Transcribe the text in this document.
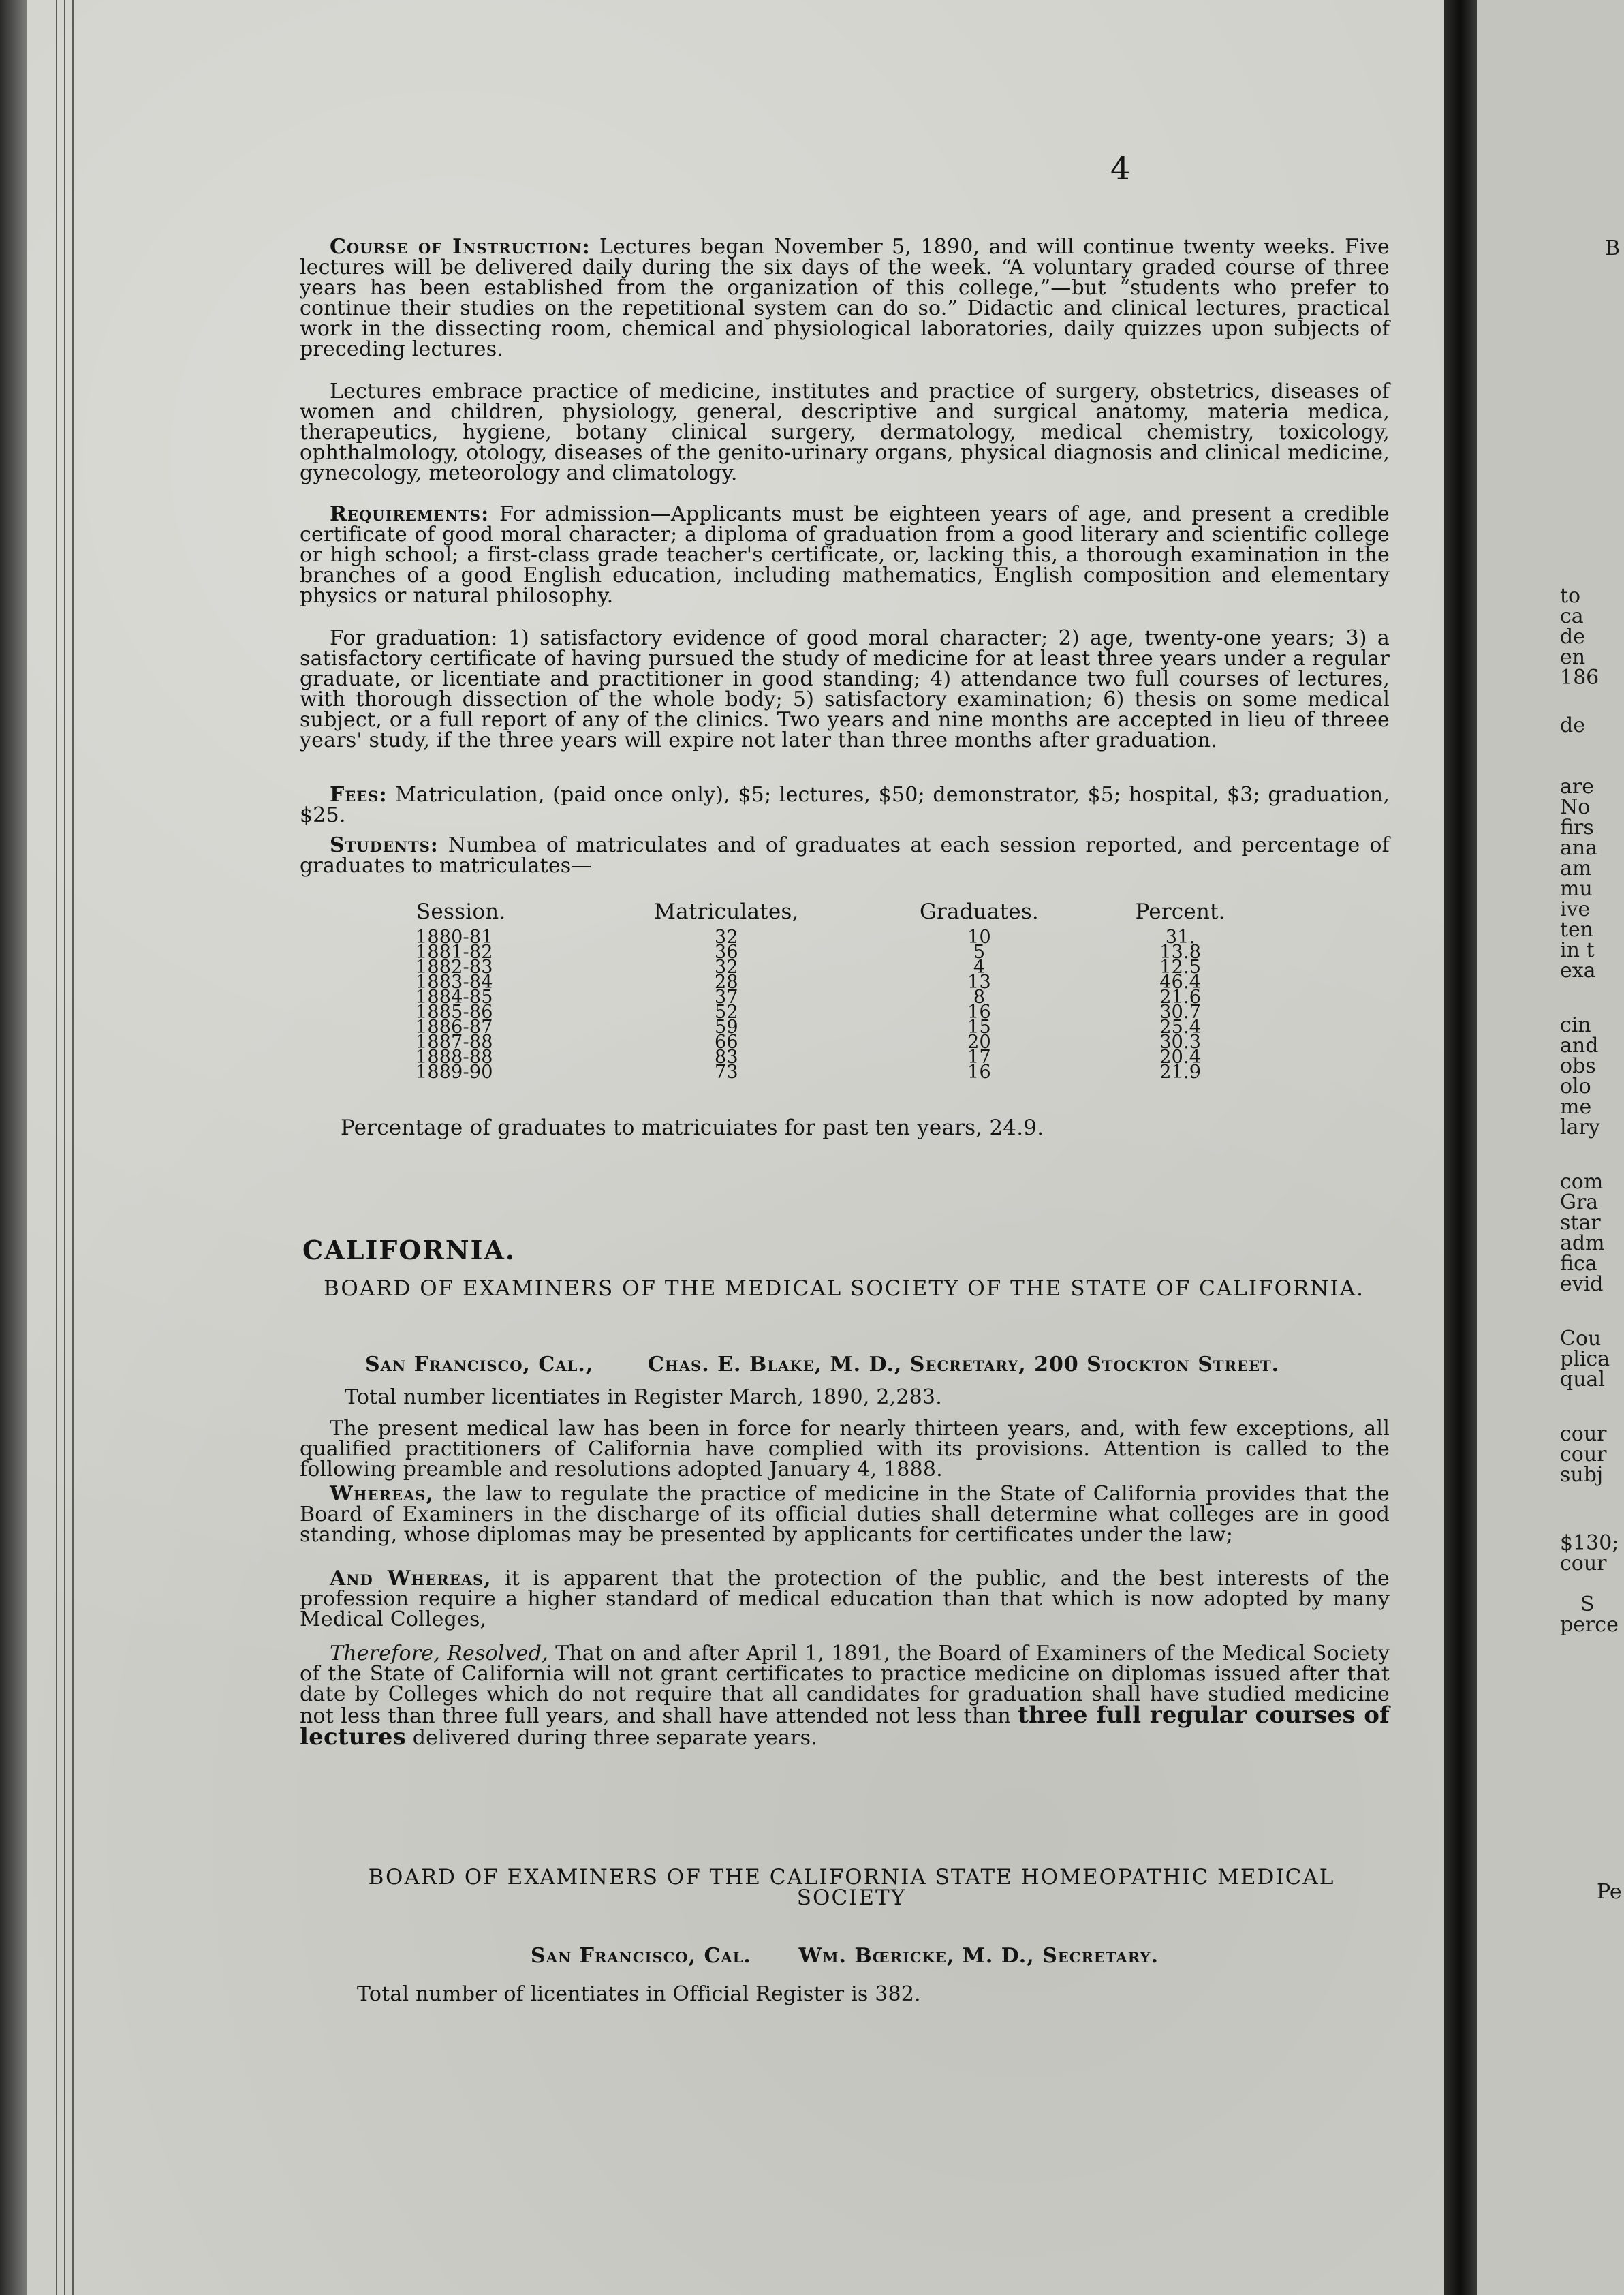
4

Course of Instruction: Lectures began November 5, 1890, and will continue twenty weeks. Five lectures will be delivered daily during the six days of the week. “A voluntary graded course of three years has been established from the organization of this college,”—but “students who prefer to continue their studies on the repetitional system can do so.” Didactic and clinical lectures, practical work in the dissecting room, chemical and physiological laboratories, daily quizzes upon subjects of preceding lectures.

Lectures embrace practice of medicine, institutes and practice of surgery, obstetrics, diseases of women and children, physiology, general, descriptive and surgical anatomy, materia medica, therapeutics, hygiene, botany clinical surgery, dermatology, medical chemistry, toxicology, ophthalmology, otology, diseases of the genito-urinary organs, physical diagnosis and clinical medicine, gynecology, meteorology and climatology.

Requirements: For admission—Applicants must be eighteen years of age, and present a credible certificate of good moral character; a diploma of graduation from a good literary and scientific college or high school; a first-class grade teacher's certificate, or, lacking this, a thorough examination in the branches of a good English education, including mathematics, English composition and elementary physics or natural philosophy.

For graduation: 1) satisfactory evidence of good moral character; 2) age, twenty-one years; 3) a satisfactory certificate of having pursued the study of medicine for at least three years under a regular graduate, or licentiate and practitioner in good standing; 4) attendance two full courses of lectures, with thorough dissection of the whole body; 5) satisfactory examination; 6) thesis on some medical subject, or a full report of any of the clinics. Two years and nine months are accepted in lieu of threee years' study, if the three years will expire not later than three months after graduation.

Fees: Matriculation, (paid once only), $5; lectures, $50; demonstrator, $5; hospital, $3; graduation, $25.

Students: Numbea of matriculates and of graduates at each session reported, and percentage of graduates to matriculates—

Session.	Matriculates,	Graduates.	Percent.
1880-81	32	10	31.
1881-82	36	5	13.8
1882-83	32	4	12.5
1883-84	28	13	46.4
1884-85	37	8	21.6
1885-86	52	16	30.7
1886-87	59	15	25.4
1887-88	66	20	30.3
1888-88	83	17	20.4
1889-90	73	16	21.9
Percentage of graduates to matricuiates for past ten years, 24.9.
CALIFORNIA.
BOARD OF EXAMINERS OF THE MEDICAL SOCIETY OF THE STATE OF CALIFORNIA.
San Francisco, Cal.,	Chas. E. Blake, M. D., Secretary, 200 Stockton Street.
Total number licentiates in Register March, 1890, 2,283.

The present medical law has been in force for nearly thirteen years, and, with few exceptions, all qualified practitioners of California have complied with its provisions. Attention is called to the following preamble and resolutions adopted January 4, 1888.

Whereas, the law to regulate the practice of medicine in the State of California provides that the Board of Examiners in the discharge of its official duties shall determine what colleges are in good standing, whose diplomas may be presented by applicants for certificates under the law;

And Whereas, it is apparent that the protection of the public, and the best interests of the profession require a higher standard of medical education than that which is now adopted by many Medical Colleges,

Therefore, Resolved, That on and after April 1, 1891, the Board of Examiners of the Medical Society of the State of California will not grant certificates to practice medicine on diplomas issued after that date by Colleges which do not require that all candidates for graduation shall have studied medicine not less than three full years, and shall have attended not less than three full regular courses of lectures delivered during three separate years.

BOARD OF EXAMINERS OF THE CALIFORNIA STATE HOMEOPATHIC MEDICAL SOCIETY
San Francisco, Cal. Wm. Bœricke, M. D., Secretary.
Total number of licentiates in Official Register is 382.
B
to
ca
de
en
186
de
are
No
firs
ana
am
mu
ive
ten
in t
exa
cin
and
obs
olo
me
lary
com
Gra
star
adm
fica
evid
Cou
plica
qual
cour
cour
subj
$130;
cour
S
perce
Pe
